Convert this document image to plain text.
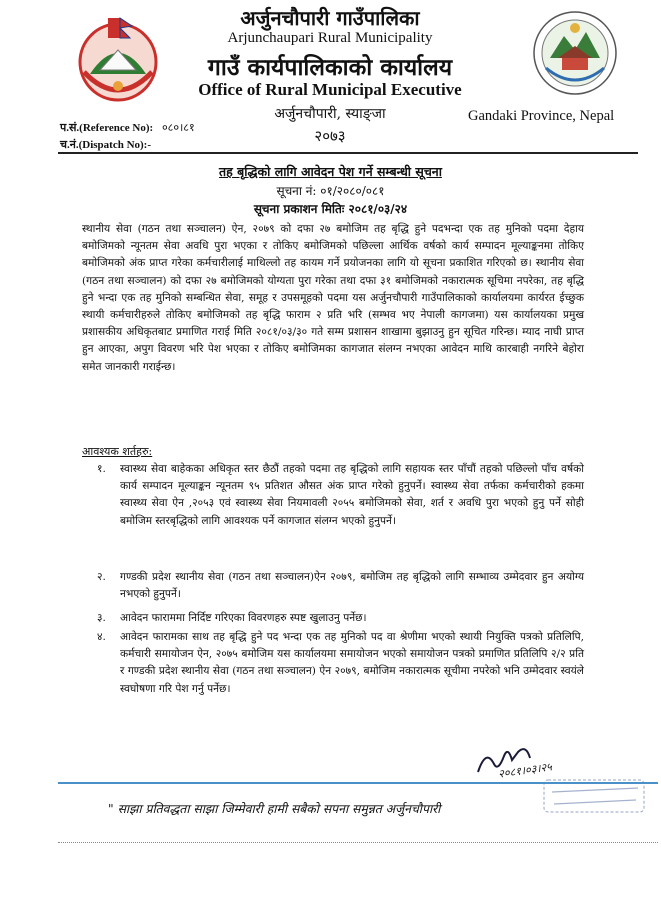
अर्जुनचौपारी गाउँपालिका
Arjunchaupari Rural Municipality
गाउँ कार्यपालिकाको कार्यालय
Office of Rural Municipal Executive
अर्जुनचौपारी, स्याङ्जा
२०७३
Gandaki Province, Nepal
प.सं.(Reference No): ०८०।८१
च.नं.(Dispatch No):-
तह बृद्धिको लागि आवेदन पेश गर्ने सम्बन्धी सूचना
सूचना नं: ०१/२०८०/०८१
सूचना प्रकाशन मितिः २०८१/०३/२४
स्थानीय सेवा (गठन तथा सञ्चालन) ऐन, २०७९ को दफा २७ बमोजिम तह बृद्धि हुने पदभन्दा एक तह मुनिको पदमा देहाय बमोजिमको न्यूनतम सेवा अवधि पुरा भएका र तोकिए बमोजिमको पछिल्ला आर्थिक वर्षको कार्य सम्पादन मूल्याङ्कनमा तोकिए बमोजिमको अंक प्राप्त गरेका कर्मचारीलाई माथिल्लो तह कायम गर्ने प्रयोजनका लागि यो सूचना प्रकाशित गरिएको छ। स्थानीय सेवा (गठन तथा सञ्चालन) को दफा २७ बमोजिमको योग्यता पुरा गरेका तथा दफा ३१ बमोजिमको नकारात्मक सूचिमा नपरेका, तह बृद्धि हुने भन्दा एक तह मुनिको सम्बन्धित सेवा, समूह र उपसमूहको पदमा यस अर्जुनचौपारी गाउँपालिकाको कार्यालयमा कार्यरत ईच्छुक स्थायी कर्मचारीहरुले तोकिए बमोजिमको तह बृद्धि फाराम २ प्रति भरि (सम्भव भए नेपाली कागजमा) यस कार्यालयका प्रमुख प्रशासकीय अधिकृतबाट प्रमाणित गराई मिति २०८१/०३/३० गते सम्म प्रशासन शाखामा बुझाउनु हुन सूचित गरिन्छ। म्याद नाघी प्राप्त हुन आएका, अपुग विवरण भरि पेश भएका र तोकिए बमोजिमका कागजात संलग्न नभएका आवेदन माथि कारबाही नगरिने बेहोरा समेत जानकारी गराईन्छ।
आवश्यक शर्तहरु:
१. स्वास्थ्य सेवा बाहेकका अधिकृत स्तर छैठौं तहको पदमा तह बृद्धिको लागि सहायक स्तर पाँचौं तहको पछिल्लो पाँच वर्षको कार्य सम्पादन मूल्याङ्कन न्यूनतम ९५ प्रतिशत औसत अंक प्राप्त गरेको हुनुपर्ने। स्वास्थ्य सेवा तर्फका कर्मचारीको हकमा स्वास्थ्य सेवा ऐन ,२०५३ एवं स्वास्थ्य सेवा नियमावली २०५५ बमोजिमको सेवा, शर्त र अवधि पुरा भएको हुनु पर्ने सोही बमोजिम स्तरबृद्धिको लागि आवश्यक पर्ने कागजात संलग्न भएको हुनुपर्ने।
२. गण्डकी प्रदेश स्थानीय सेवा (गठन तथा सञ्चालन)ऐन २०७९, बमोजिम तह बृद्धिको लागि सम्भाव्य उम्मेदवार हुन अयोग्य नभएको हुनुपर्ने।
३. आवेदन फाराममा निर्दिष्ट गरिएका विवरणहरु स्पष्ट खुलाउनु पर्नेछ।
४. आवेदन फारामका साथ तह बृद्धि हुने पद भन्दा एक तह मुनिको पद वा श्रेणीमा भएको स्थायी नियुक्ति पत्रको प्रतिलिपि, कर्मचारी समायोजन ऐन, २०७५ बमोजिम यस कार्यालयमा समायोजन भएको समायोजन पत्रको प्रमाणित प्रतिलिपि २/२ प्रति र गण्डकी प्रदेश स्थानीय सेवा (गठन तथा सञ्चालन) ऐन २०७९, बमोजिम नकारात्मक सूचीमा नपरेको भनि उम्मेदवार स्वयंले स्वघोषणा गरि पेश गर्नु पर्नेछ।
२०८१।०३।२५
" साझा प्रतिवद्धता साझा जिम्मेवारी हामी सबैको सपना समुन्नत अर्जुनचौपारी
